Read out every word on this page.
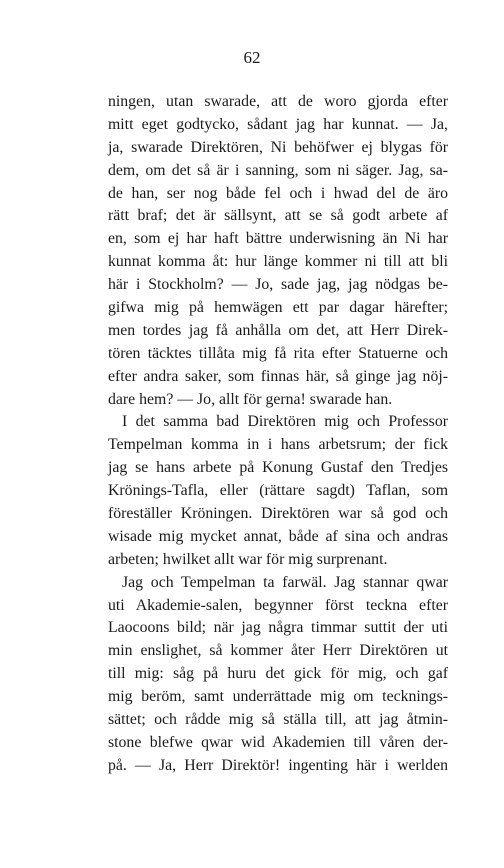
62
ningen, utan swarade, att de woro gjorda efter
mitt eget godtycko, sådant jag har kunnat. — Ja,
ja, swarade Direktören, Ni behöfwer ej blygas för
dem, om det så är i sanning, som ni säger. Jag, sa-
de han, ser nog både fel och i hwad del de äro
rätt braf; det är sällsynt, att se så godt arbete af
en, som ej har haft bättre underwisning än Ni har
kunnat komma åt: hur länge kommer ni till att bli
här i Stockholm? — Jo, sade jag, jag nödgas be-
gifwa mig på hemwägen ett par dagar härefter;
men tordes jag få anhålla om det, att Herr Direk-
tören täcktes tillåta mig få rita efter Statuerne och
efter andra saker, som finnas här, så ginge jag nöj-
dare hem? — Jo, allt för gerna! swarade han.
I det samma bad Direktören mig och Professor
Tempelman komma in i hans arbetsrum; der fick
jag se hans arbete på Konung Gustaf den Tredjes
Krönings-Tafla, eller (rättare sagdt) Taflan, som
föreställer Kröningen. Direktören war så god och
wisade mig mycket annat, både af sina och andras
arbeten; hwilket allt war för mig surprenant.
Jag och Tempelman ta farwäl. Jag stannar qwar
uti Akademie-salen, begynner först teckna efter
Laocoons bild; när jag några timmar suttit der uti
min enslighet, så kommer åter Herr Direktören ut
till mig: såg på huru det gick för mig, och gaf
mig beröm, samt underrättade mig om tecknings-
sättet; och rådde mig så ställa till, att jag åtmin-
stone blefwe qwar wid Akademien till våren der-
på. — Ja, Herr Direktör! ingenting här i werlden
